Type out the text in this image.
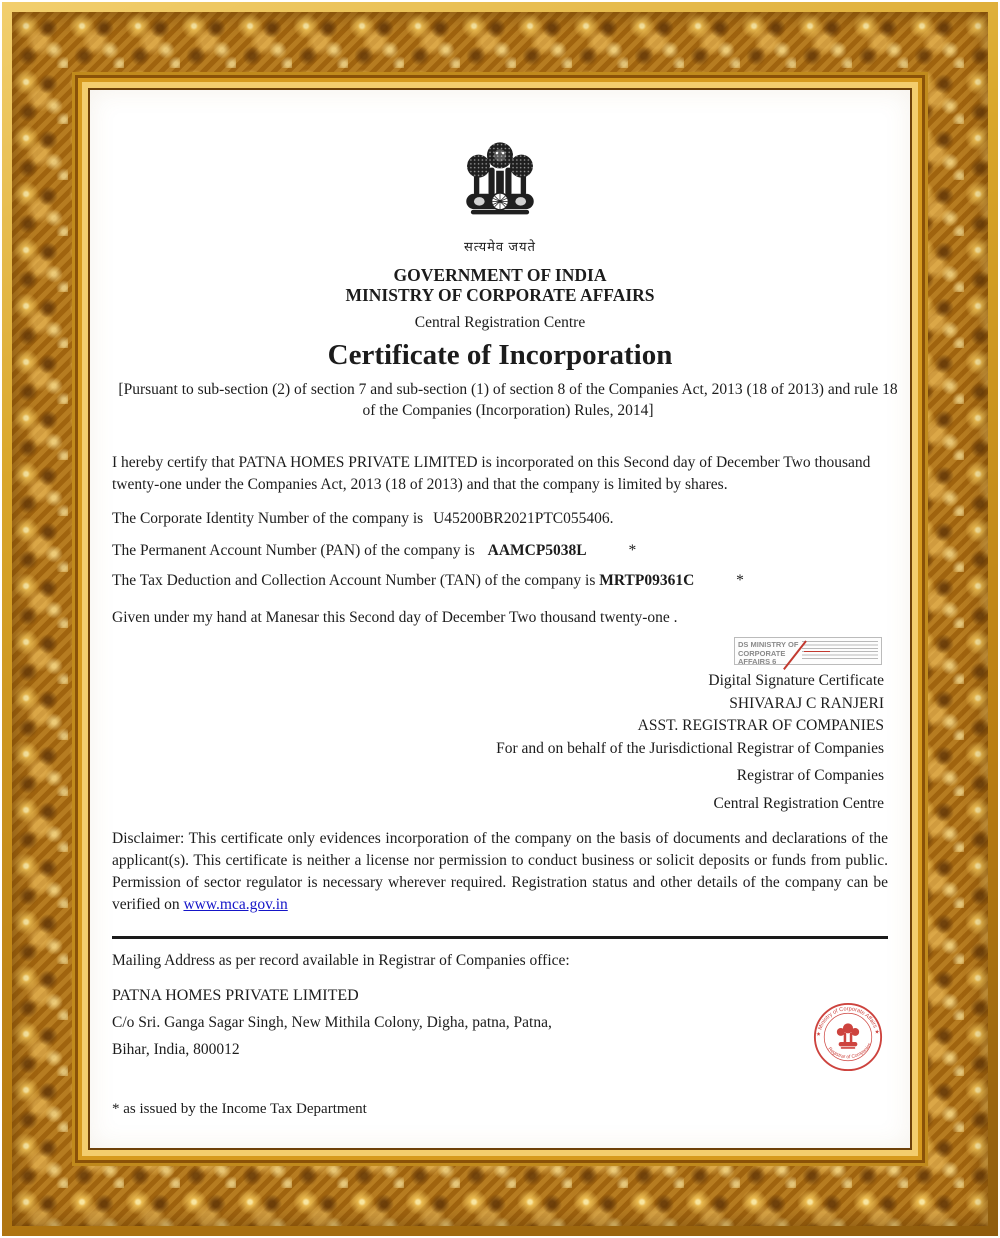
सत्यमेव जयते
GOVERNMENT OF INDIA
MINISTRY OF CORPORATE AFFAIRS
Central Registration Centre
Certificate of Incorporation
[Pursuant to sub-section (2) of section 7 and sub-section (1) of section 8 of the Companies Act, 2013 (18 of 2013) and rule 18 of the Companies (Incorporation) Rules, 2014]
I hereby certify that PATNA HOMES PRIVATE LIMITED is incorporated on this Second day of December Two thousand twenty-one under the Companies Act, 2013 (18 of 2013) and that the company is limited by shares.
The Corporate Identity Number of the company is U45200BR2021PTC055406.
The Permanent Account Number (PAN) of the company is AAMCP5038L	*
The Tax Deduction and Collection Account Number (TAN) of the company is MRTP09361C	*
Given under my hand at Manesar this Second day of December Two thousand twenty-one .
DS MINISTRY OF CORPORATE AFFAIRS 6
Digital Signature Certificate
SHIVARAJ C RANJERI
ASST. REGISTRAR OF COMPANIES
For and on behalf of the Jurisdictional Registrar of Companies
Registrar of Companies
Central Registration Centre
Disclaimer: This certificate only evidences incorporation of the company on the basis of documents and declarations of the applicant(s). This certificate is neither a license nor permission to conduct business or solicit deposits or funds from public. Permission of sector regulator is necessary wherever required. Registration status and other details of the company can be verified on www.mca.gov.in
Mailing Address as per record available in Registrar of Companies office:
PATNA HOMES PRIVATE LIMITED
C/o Sri. Ganga Sagar Singh, New Mithila Colony, Digha, patna, Patna,
Bihar, India, 800012
* as issued by the Income Tax Department
★ Ministry of Corporate Affairs ★
Registrar of Companies
